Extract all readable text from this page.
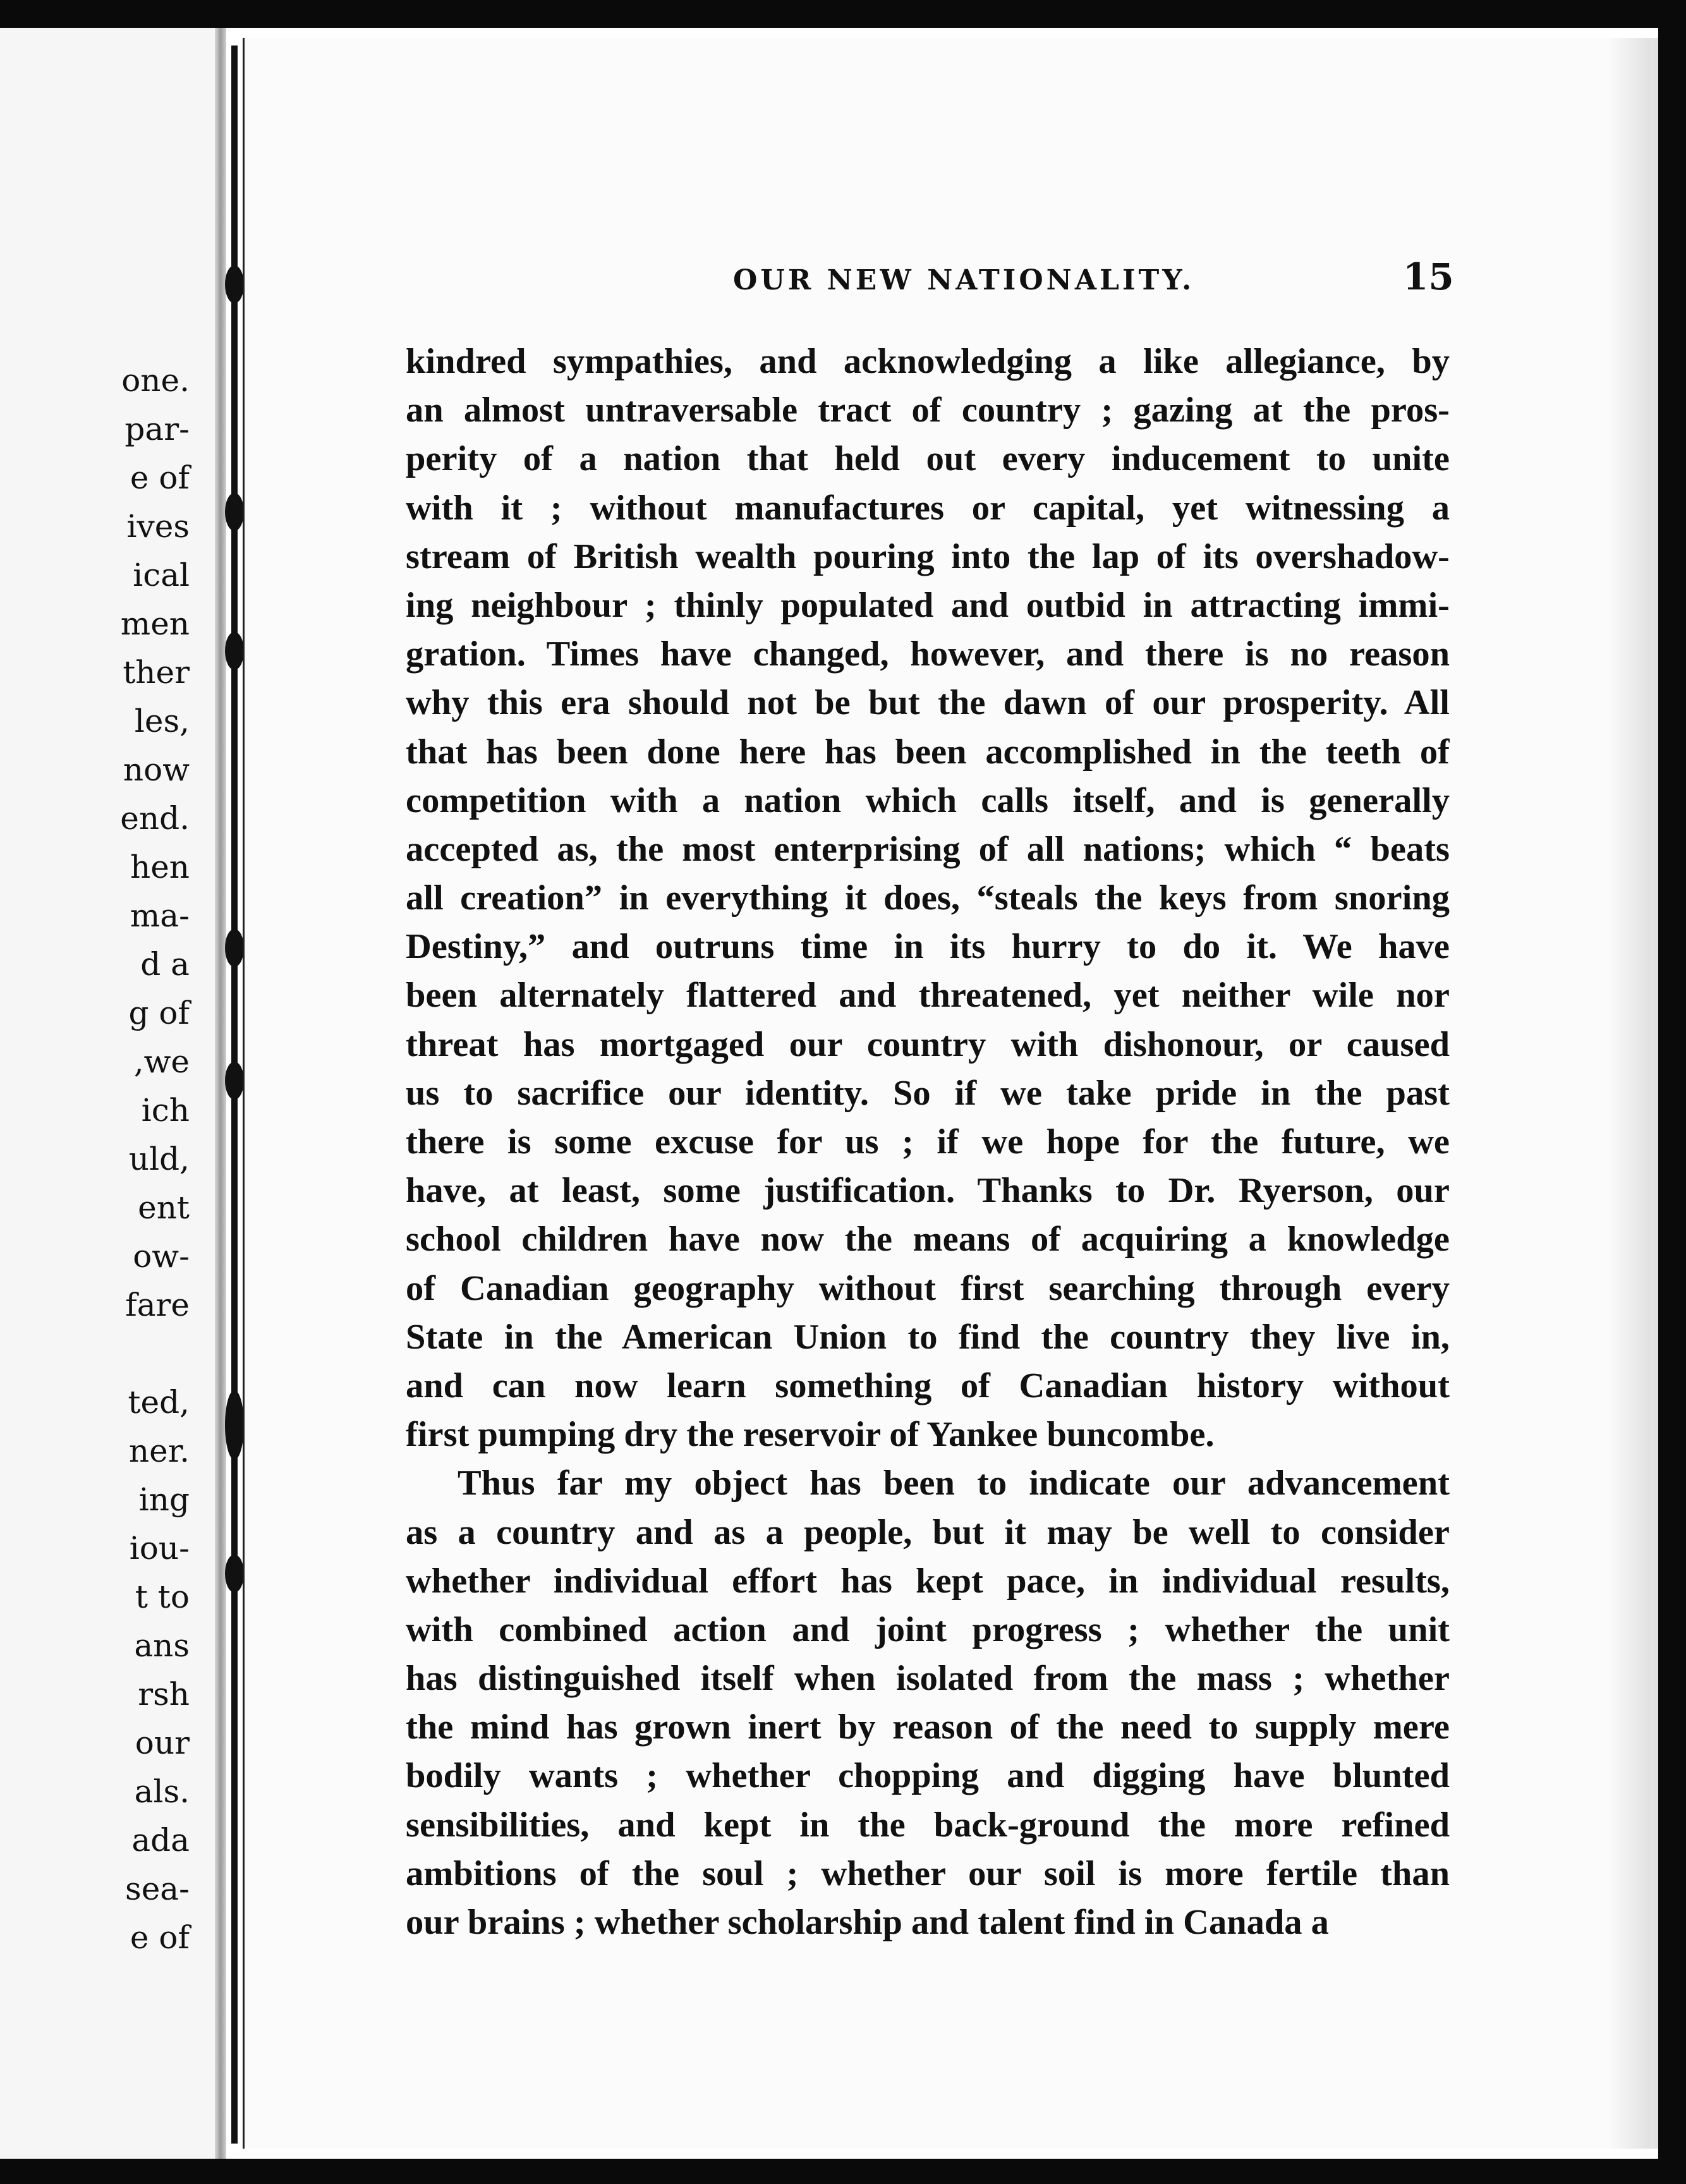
one.
par-
e of
ives
ical
men
ther
les,
now
end.
hen
ma-
d a
g of
,we
ich
uld,
ent
ow-
fare
ted,
ner.
ing
iou-
t to
ans
rsh
our
als.
ada
sea-
e of
OUR NEW NATIONALITY.	15
kindred sympathies, and acknowledging a like allegiance, by
an almost untraversable tract of country ; gazing at the pros-
perity of a nation that held out every inducement to unite
with it ; without manufactures or capital, yet witnessing a
stream of British wealth pouring into the lap of its overshadow-
ing neighbour ; thinly populated and outbid in attracting immi-
gration. Times have changed, however, and there is no reason
why this era should not be but the dawn of our prosperity. All
that has been done here has been accomplished in the teeth of
competition with a nation which calls itself, and is generally
accepted as, the most enterprising of all nations; which “ beats
all creation” in everything it does, “steals the keys from snoring
Destiny,” and outruns time in its hurry to do it. We have
been alternately flattered and threatened, yet neither wile nor
threat has mortgaged our country with dishonour, or caused
us to sacrifice our identity. So if we take pride in the past
there is some excuse for us ; if we hope for the future, we
have, at least, some justification. Thanks to Dr. Ryerson, our
school children have now the means of acquiring a knowledge
of Canadian geography without first searching through every
State in the American Union to find the country they live in,
and can now learn something of Canadian history without
first pumping dry the reservoir of Yankee buncombe.
Thus far my object has been to indicate our advancement
as a country and as a people, but it may be well to consider
whether individual effort has kept pace, in individual results,
with combined action and joint progress ; whether the unit
has distinguished itself when isolated from the mass ; whether
the mind has grown inert by reason of the need to supply mere
bodily wants ; whether chopping and digging have blunted
sensibilities, and kept in the back-ground the more refined
ambitions of the soul ; whether our soil is more fertile than
our brains ; whether scholarship and talent find in Canada a
